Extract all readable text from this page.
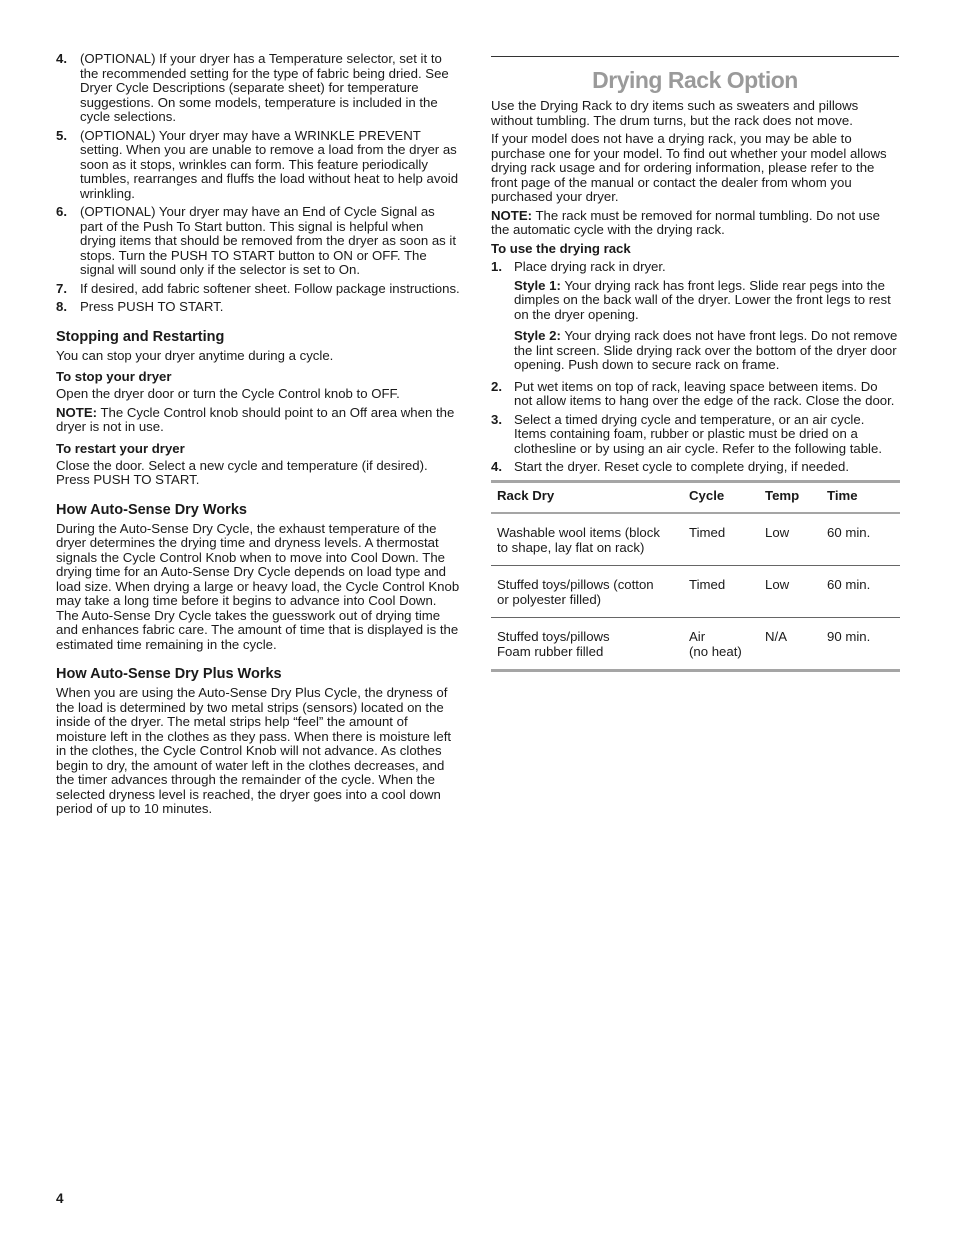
4. (OPTIONAL) If your dryer has a Temperature selector, set it to the recommended setting for the type of fabric being dried. See Dryer Cycle Descriptions (separate sheet) for temperature suggestions. On some models, temperature is included in the cycle selections.
5. (OPTIONAL) Your dryer may have a WRINKLE PREVENT setting. When you are unable to remove a load from the dryer as soon as it stops, wrinkles can form. This feature periodically tumbles, rearranges and fluffs the load without heat to help avoid wrinkling.
6. (OPTIONAL) Your dryer may have an End of Cycle Signal as part of the Push To Start button. This signal is helpful when drying items that should be removed from the dryer as soon as it stops. Turn the PUSH TO START button to ON or OFF. The signal will sound only if the selector is set to On.
7. If desired, add fabric softener sheet. Follow package instructions.
8. Press PUSH TO START.
Stopping and Restarting

You can stop your dryer anytime during a cycle.

To stop your dryer

Open the dryer door or turn the Cycle Control knob to OFF.

NOTE: The Cycle Control knob should point to an Off area when the dryer is not in use.

To restart your dryer

Close the door. Select a new cycle and temperature (if desired). Press PUSH TO START.

How Auto-Sense Dry Works

During the Auto-Sense Dry Cycle, the exhaust temperature of the dryer determines the drying time and dryness levels. A thermostat signals the Cycle Control Knob when to move into Cool Down. The drying time for an Auto-Sense Dry Cycle depends on load type and load size. When drying a large or heavy load, the Cycle Control Knob may take a long time before it begins to advance into Cool Down. The Auto-Sense Dry Cycle takes the guesswork out of drying time and enhances fabric care. The amount of time that is displayed is the estimated time remaining in the cycle.

How Auto-Sense Dry Plus Works

When you are using the Auto-Sense Dry Plus Cycle, the dryness of the load is determined by two metal strips (sensors) located on the inside of the dryer. The metal strips help “feel” the amount of moisture left in the clothes as they pass. When there is moisture left in the clothes, the Cycle Control Knob will not advance. As clothes begin to dry, the amount of water left in the clothes decreases, and the timer advances through the remainder of the cycle. When the selected dryness level is reached, the dryer goes into a cool down period of up to 10 minutes.

Drying Rack Option

Use the Drying Rack to dry items such as sweaters and pillows without tumbling. The drum turns, but the rack does not move.

If your model does not have a drying rack, you may be able to purchase one for your model. To find out whether your model allows drying rack usage and for ordering information, please refer to the front page of the manual or contact the dealer from whom you purchased your dryer.

NOTE: The rack must be removed for normal tumbling. Do not use the automatic cycle with the drying rack.

To use the drying rack

1. Place drying rack in dryer.

Style 1: Your drying rack has front legs. Slide rear pegs into the dimples on the back wall of the dryer. Lower the front legs to rest on the dryer opening.

Style 2: Your drying rack does not have front legs. Do not remove the lint screen. Slide drying rack over the bottom of the dryer door opening. Push down to secure rack on frame.

2. Put wet items on top of rack, leaving space between items. Do not allow items to hang over the edge of the rack. Close the door.
3. Select a timed drying cycle and temperature, or an air cycle. Items containing foam, rubber or plastic must be dried on a clothesline or by using an air cycle. Refer to the following table.
4. Start the dryer. Reset cycle to complete drying, if needed.
Rack Dry	Cycle	Temp	Time
Washable wool items (block
to shape, lay flat on rack)	Timed	Low	60 min.
Stuffed toys/pillows (cotton
or polyester filled)	Timed	Low	60 min.
Stuffed toys/pillows
Foam rubber filled	Air
(no heat)	N/A	90 min.
4
